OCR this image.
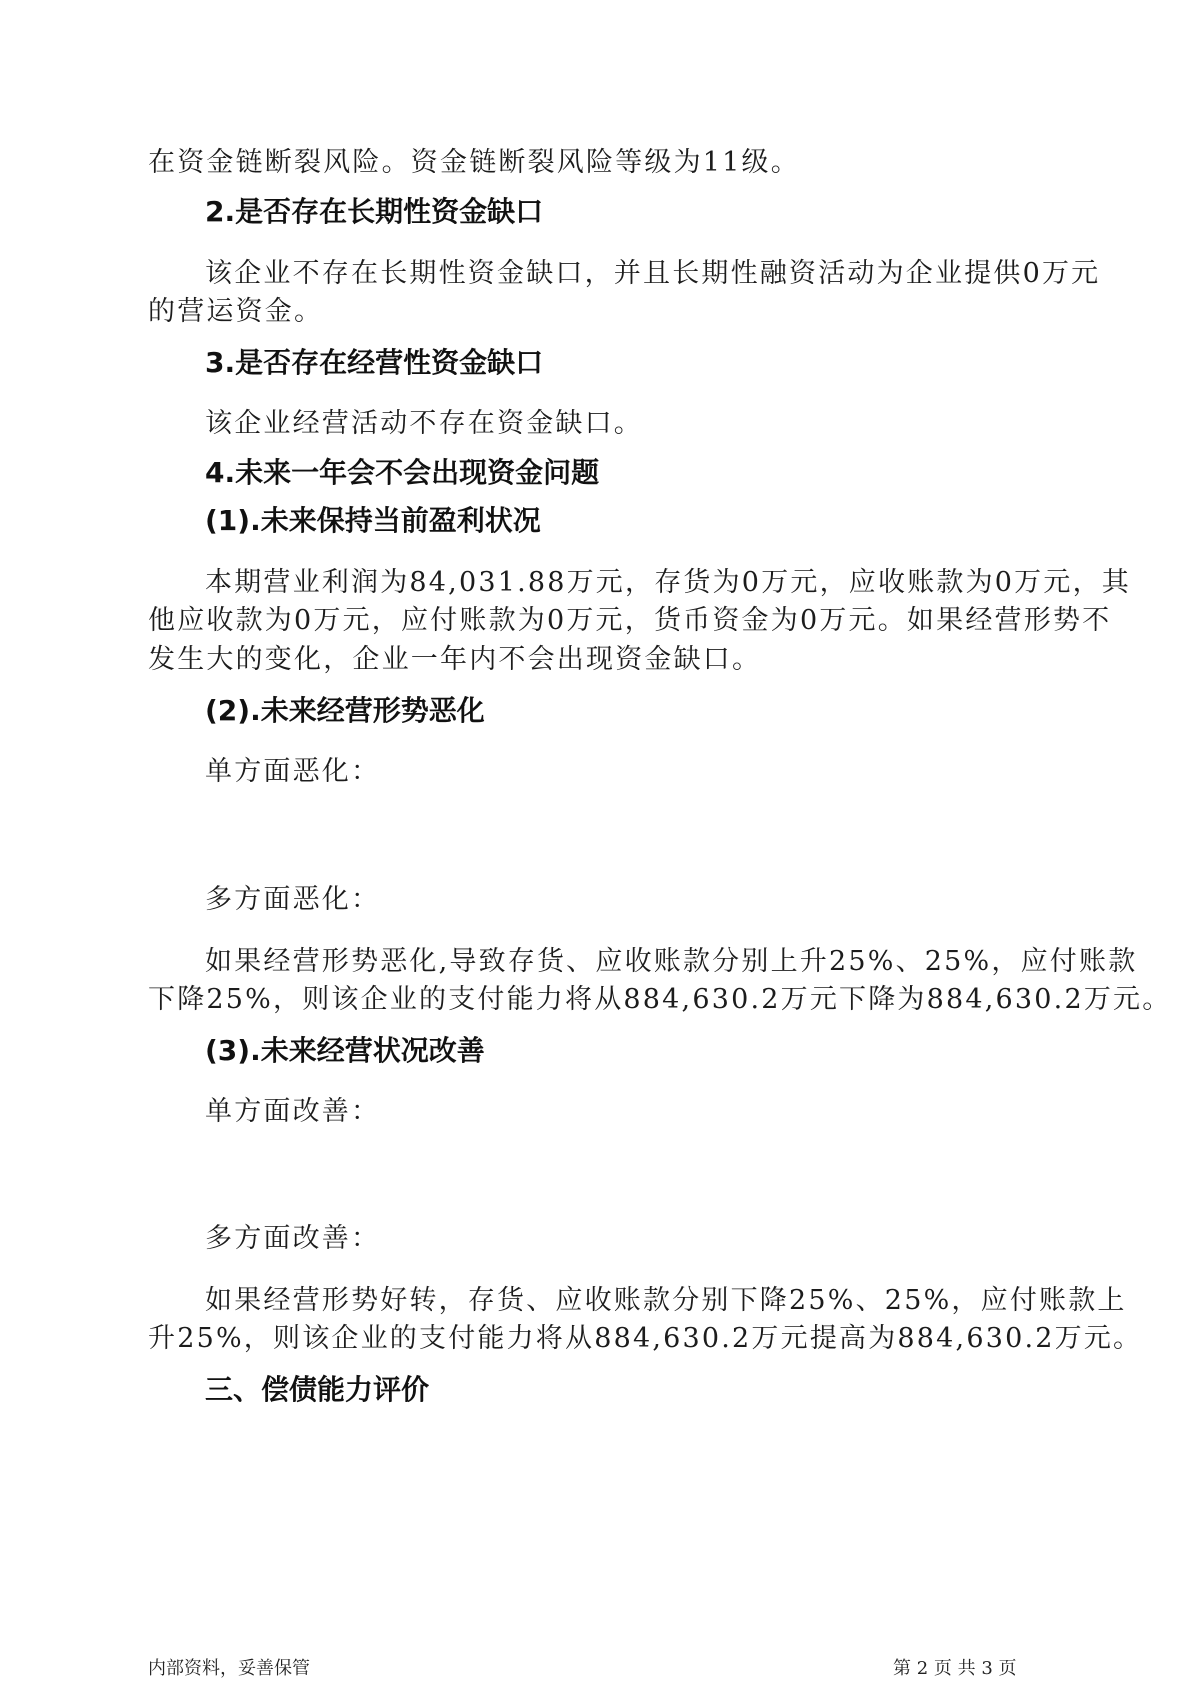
在资金链断裂风险。资金链断裂风险等级为11级。
2.是否存在长期性资金缺口
该企业不存在长期性资金缺口，并且长期性融资活动为企业提供0万元
的营运资金。
3.是否存在经营性资金缺口
该企业经营活动不存在资金缺口。
4.未来一年会不会出现资金问题
(1).未来保持当前盈利状况
本期营业利润为84,031.88万元，存货为0万元，应收账款为0万元，其
他应收款为0万元，应付账款为0万元，货币资金为0万元。如果经营形势不
发生大的变化，企业一年内不会出现资金缺口。
(2).未来经营形势恶化
单方面恶化：
多方面恶化：
如果经营形势恶化,导致存货、应收账款分别上升25%、25%，应付账款
下降25%，则该企业的支付能力将从884,630.2万元下降为884,630.2万元。
(3).未来经营状况改善
单方面改善：
多方面改善：
如果经营形势好转，存货、应收账款分别下降25%、25%，应付账款上
升25%，则该企业的支付能力将从884,630.2万元提高为884,630.2万元。
三、偿债能力评价
内部资料，妥善保管	第 2 页 共 3 页
